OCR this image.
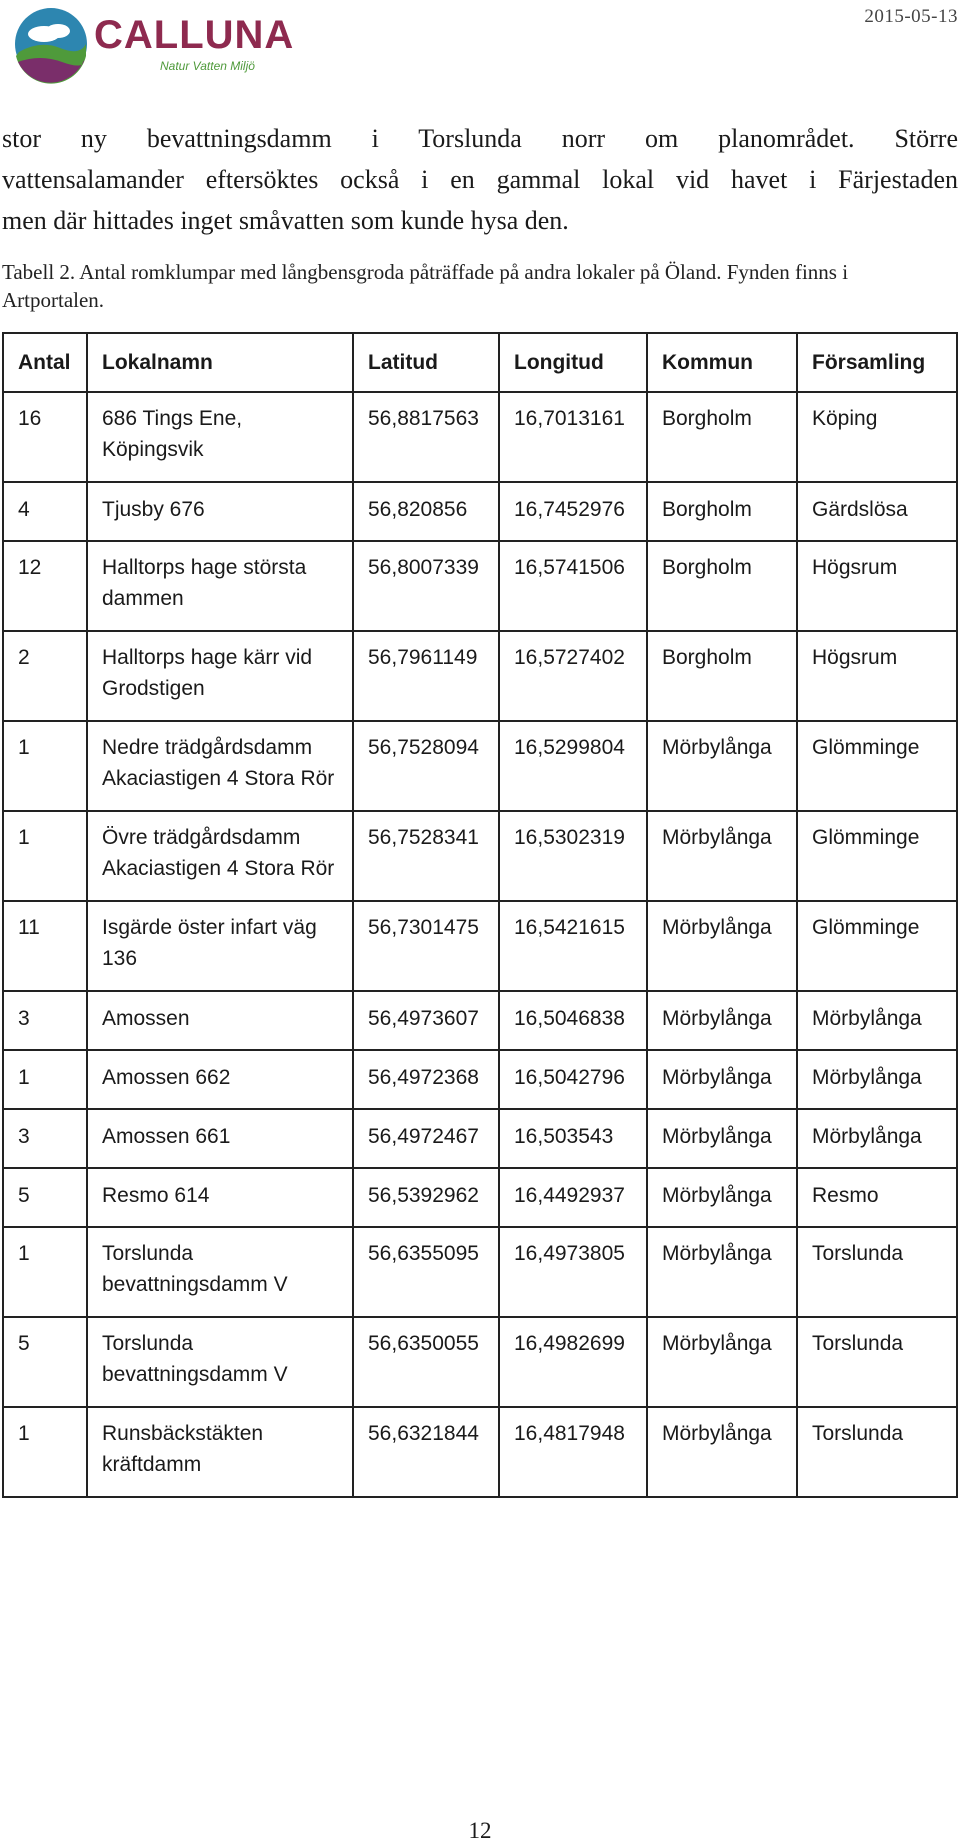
CALLUNA
Natur Vatten Miljö
2015-05-13

stor ny bevattningsdamm i Torslunda norr om planområdet. Större
vattensalamander eftersöktes också i en gammal lokal vid havet i Färjestaden
men där hittades inget småvatten som kunde hysa den.

Tabell 2. Antal romklumpar med långbensgroda påträffade på andra lokaler på Öland. Fynden finns i Artportalen.

Antal	Lokalnamn	Latitud	Longitud	Kommun	Församling
16	686 Tings Ene, Köpingsvik	56,8817563	16,7013161	Borgholm	Köping
4	Tjusby 676	56,820856	16,7452976	Borgholm	Gärdslösa
12	Halltorps hage största dammen	56,8007339	16,5741506	Borgholm	Högsrum
2	Halltorps hage kärr vid Grodstigen	56,7961149	16,5727402	Borgholm	Högsrum
1	Nedre trädgårdsdamm Akaciastigen 4 Stora Rör	56,7528094	16,5299804	Mörbylånga	Glömminge
1	Övre trädgårdsdamm Akaciastigen 4 Stora Rör	56,7528341	16,5302319	Mörbylånga	Glömminge
11	Isgärde öster infart väg 136	56,7301475	16,5421615	Mörbylånga	Glömminge
3	Amossen	56,4973607	16,5046838	Mörbylånga	Mörbylånga
1	Amossen 662	56,4972368	16,5042796	Mörbylånga	Mörbylånga
3	Amossen 661	56,4972467	16,503543	Mörbylånga	Mörbylånga
5	Resmo 614	56,5392962	16,4492937	Mörbylånga	Resmo
1	Torslunda bevattningsdamm V	56,6355095	16,4973805	Mörbylånga	Torslunda
5	Torslunda bevattningsdamm V	56,6350055	16,4982699	Mörbylånga	Torslunda
1	Runsbäckstäkten kräftdamm	56,6321844	16,4817948	Mörbylånga	Torslunda
12
